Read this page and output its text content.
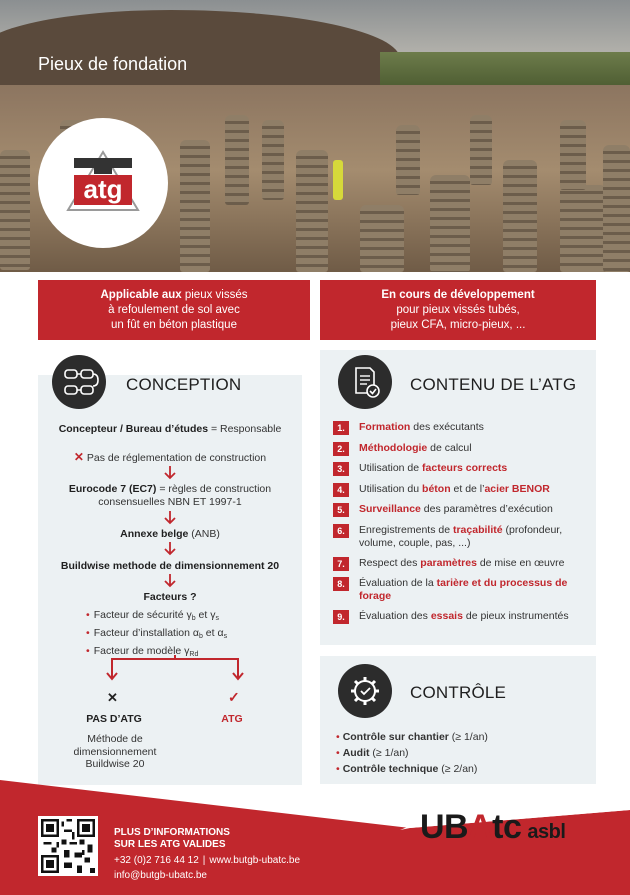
Pieux de fondation
atg
Applicable aux pieux vissés
à refoulement de sol avec
un fût en béton plastique
En cours de développement
pour pieux vissés tubés,
pieux CFA, micro-pieux, ...
CONCEPTION
Concepteur / Bureau d’études = Responsable
✕ Pas de réglementation de construction
Eurocode 7 (EC7) = règles de construction
consensuelles NBN ET 1997-1
Annexe belge (ANB)
Buildwise methode de dimensionnement 20
Facteurs ?
• Facteur de sécurité $\gamma_b$ et $\gamma_s$
• Facteur d’installation $\alpha_b$ et $\alpha_s$
• Facteur de modèle $\gamma_{Rd}$
✕	✓
PAS D’ATG	ATG
Méthode de
dimensionnement
Buildwise 20
CONTENU DE L’ATG
1.	Formation des exécutants
2.	Méthodologie de calcul
3.	Utilisation de facteurs corrects
4.	Utilisation du béton et de l’acier BENOR
5.	Surveillance des paramètres d’exécution
6.	Enregistrements de traçabilité (profondeur, volume, couple, pas, ...)
7.	Respect des paramètres de mise en œuvre
8.	Évaluation de la tarière et du processus de forage
9.	Évaluation des essais de pieux instrumentés
CONTRÔLE
• Contrôle sur chantier (≥ 1/an)
• Audit (≥ 1/an)
• Contrôle technique (≥ 2/an)
PLUS D’INFORMATIONS
SUR LES ATG VALIDES
+32 (0)2 716 44 12 | www.butgb-ubatc.be
info@butgb-ubatc.be
UBAtc asbl
